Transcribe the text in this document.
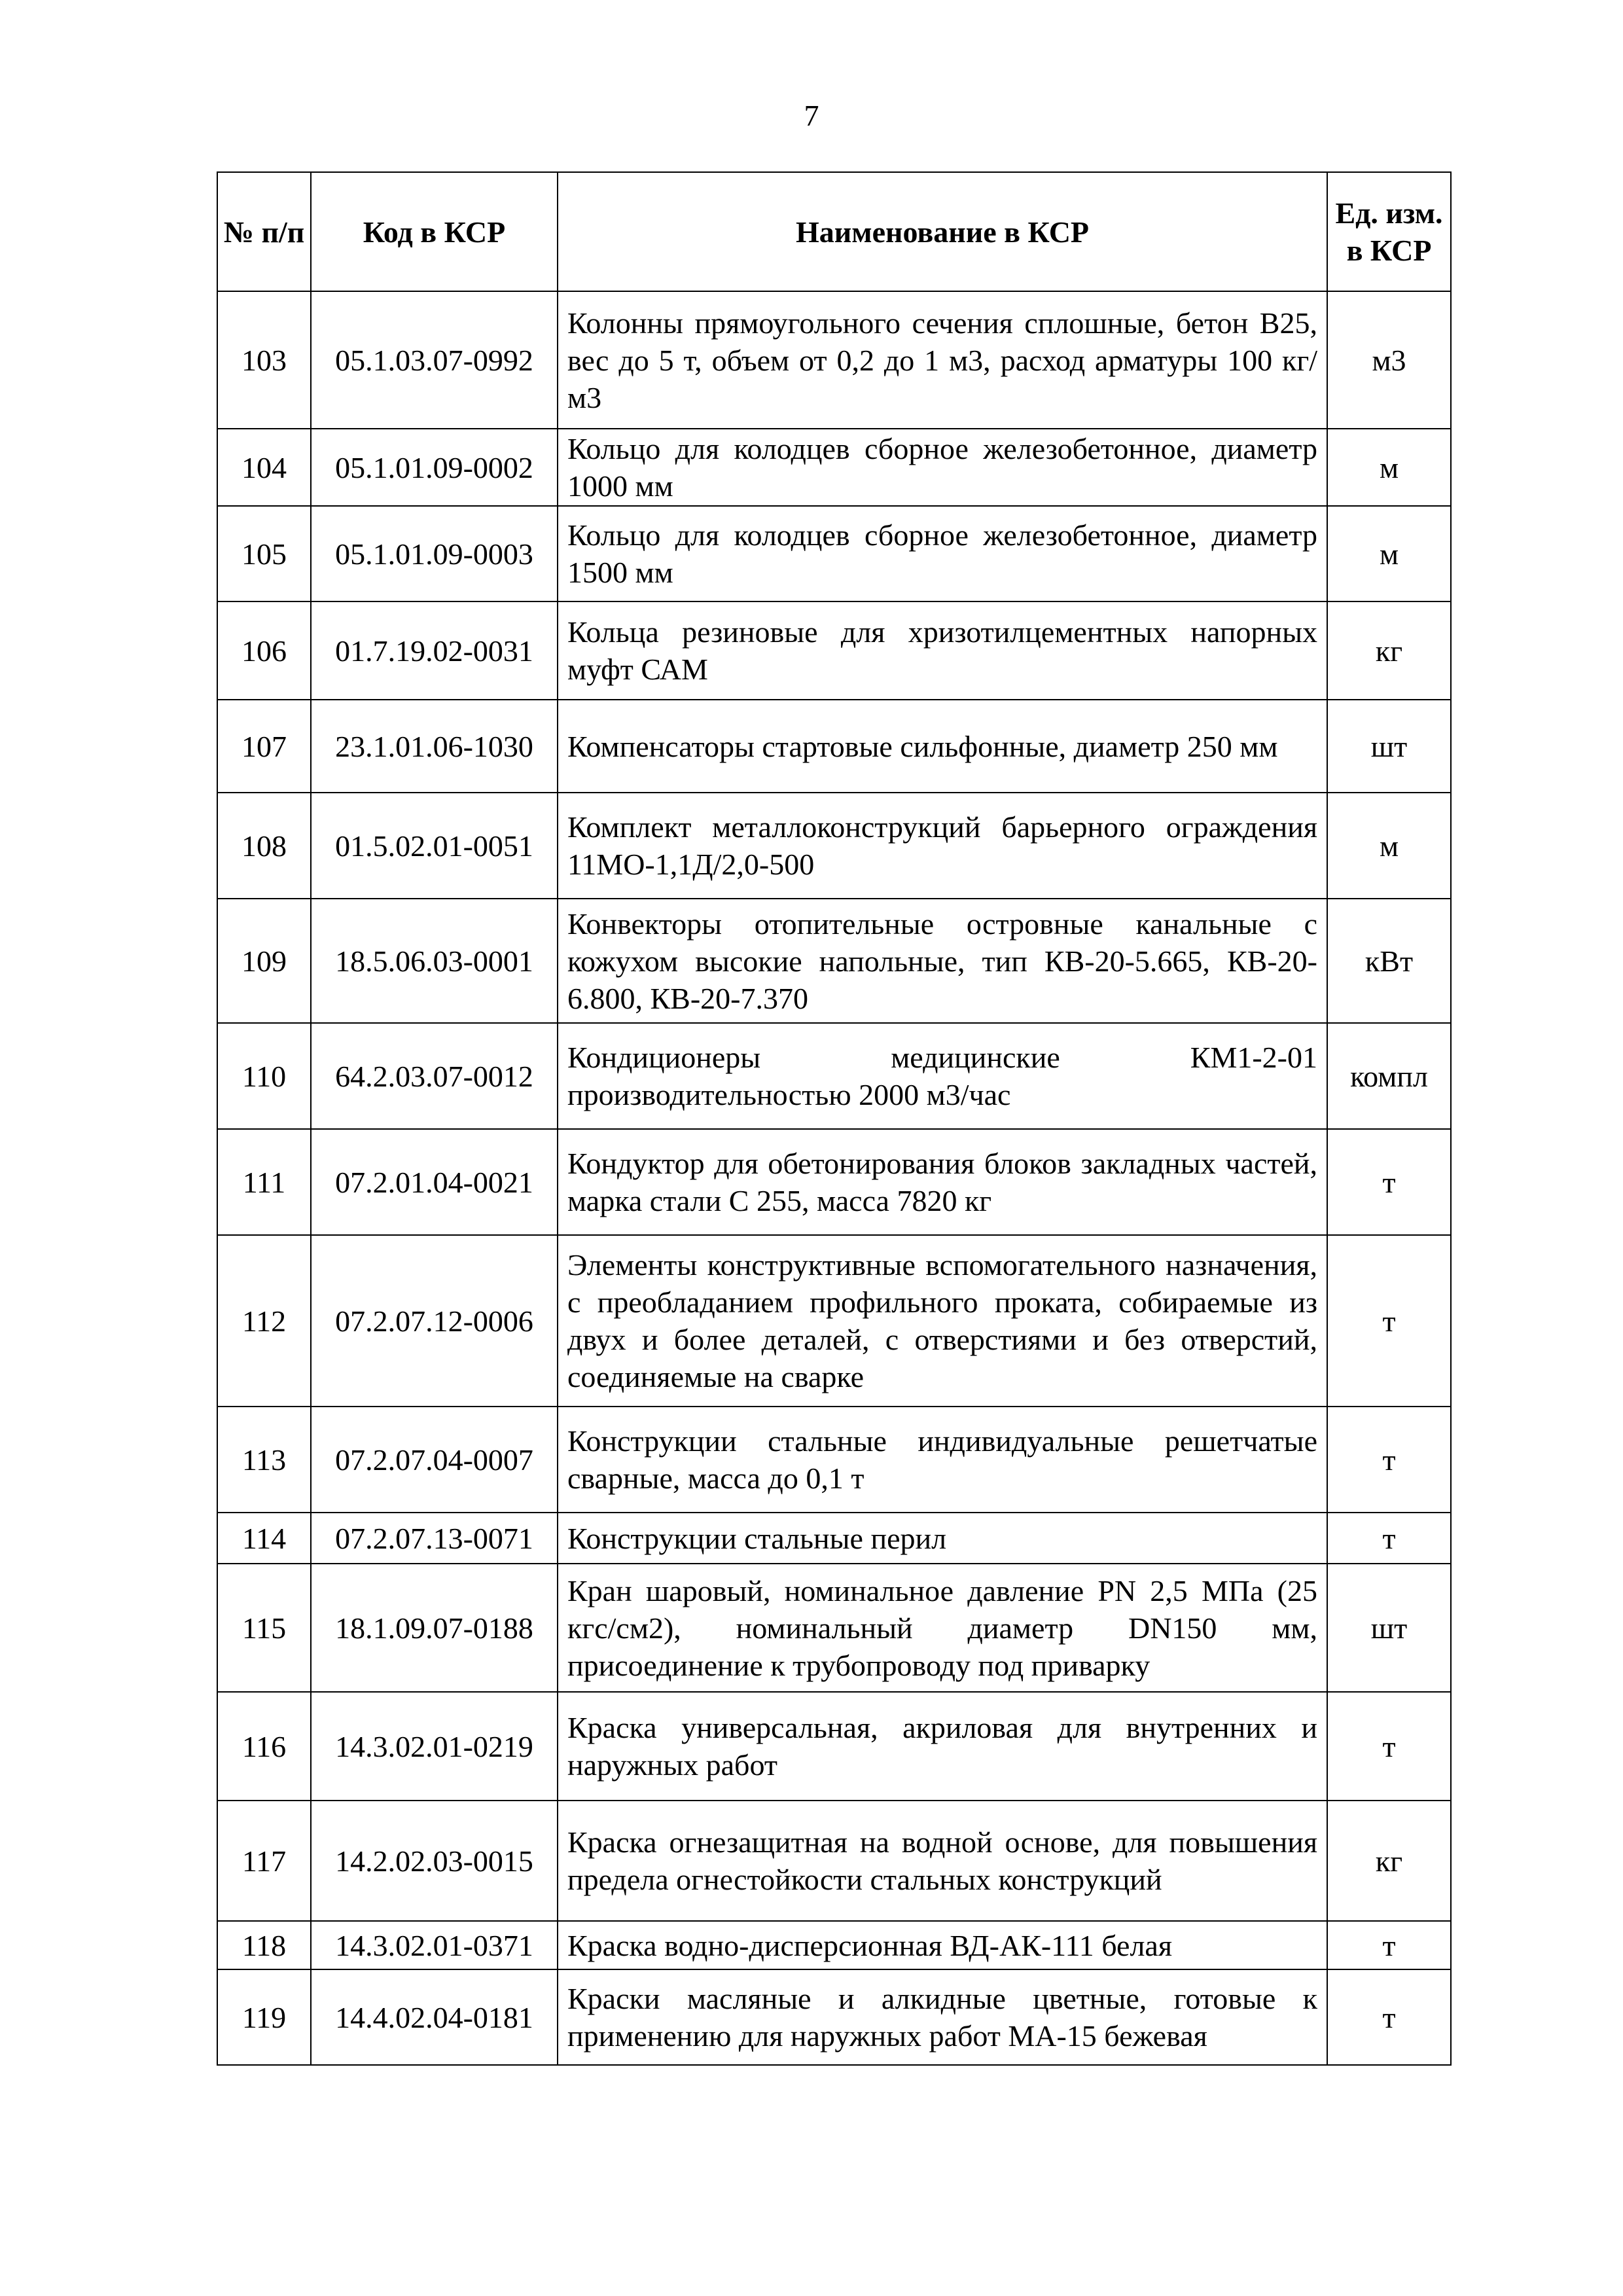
7
№ п/п	Код в КСР	Наименование в КСР	Ед. изм. в КСР
103	05.1.03.07-0992	Колонны прямоугольного сечения сплошные, бетон В25, вес до 5 т, объем от 0,2 до 1 м3, расход арматуры 100 кг/м3	м3
104	05.1.01.09-0002	Кольцо для колодцев сборное железобетонное, диаметр 1000 мм	м
105	05.1.01.09-0003	Кольцо для колодцев сборное железобетонное, диаметр 1500 мм	м
106	01.7.19.02-0031	Кольца резиновые для хризотилцементных напорных муфт САМ	кг
107	23.1.01.06-1030	Компенсаторы стартовые сильфонные, диаметр 250 мм	шт
108	01.5.02.01-0051	Комплект металлоконструкций барьерного ограждения 11МО-1,1Д/2,0-500	м
109	18.5.06.03-0001	Конвекторы отопительные островные канальные с кожухом высокие напольные, тип КВ-20-5.665, КВ-20-6.800, КВ-20-7.370	кВт
110	64.2.03.07-0012	Кондиционеры медицинские КМ1-2-01 производительностью 2000 м3/час	компл
111	07.2.01.04-0021	Кондуктор для обетонирования блоков закладных частей, марка стали С 255, масса 7820 кг	т
112	07.2.07.12-0006	Элементы конструктивные вспомогательного назначения, с преобладанием профильного проката, собираемые из двух и более деталей, с отверстиями и без отверстий, соединяемые на сварке	т
113	07.2.07.04-0007	Конструкции стальные индивидуальные решетчатые сварные, масса до 0,1 т	т
114	07.2.07.13-0071	Конструкции стальные перил	т
115	18.1.09.07-0188	Кран шаровый, номинальное давление PN 2,5 МПа (25 кгс/см2), номинальный диаметр DN150 мм, присоединение к трубопроводу под приварку	шт
116	14.3.02.01-0219	Краска универсальная, акриловая для внутренних и наружных работ	т
117	14.2.02.03-0015	Краска огнезащитная на водной основе, для повышения предела огнестойкости стальных конструкций	кг
118	14.3.02.01-0371	Краска водно-дисперсионная ВД-АК-111 белая	т
119	14.4.02.04-0181	Краски масляные и алкидные цветные, готовые к применению для наружных работ МА-15 бежевая	т
